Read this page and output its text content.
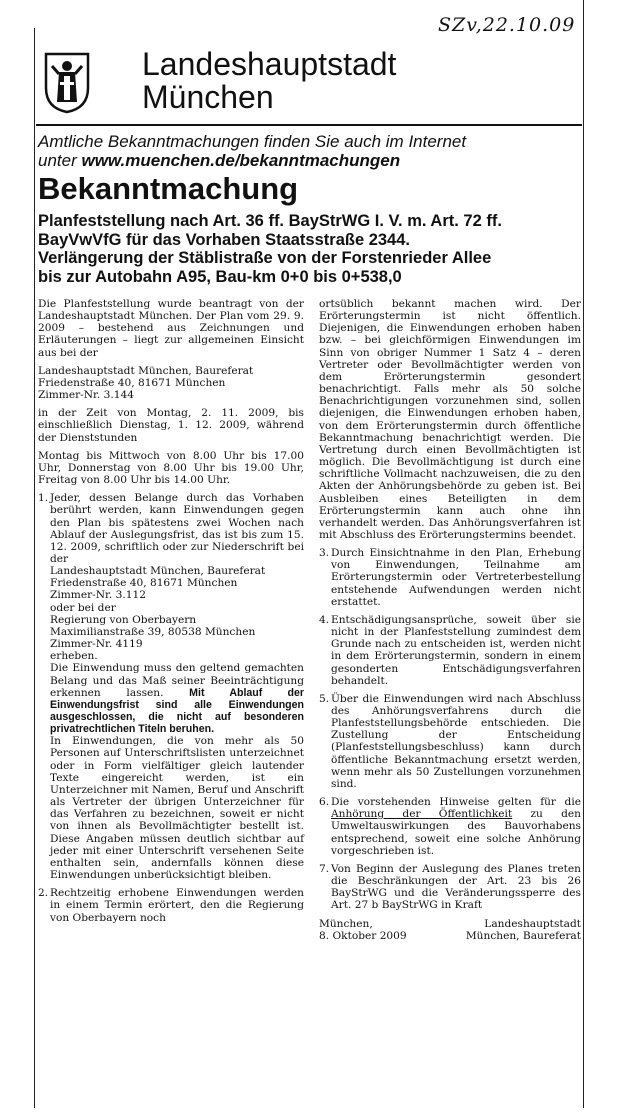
SZv,22.10.09
Landeshauptstadt
München
Amtliche Bekanntmachungen finden Sie auch im Internet
unter www.muenchen.de/bekanntmachungen
Bekanntmachung
Planfeststellung nach Art. 36 ff. BayStrWG I. V. m. Art. 72 ff.
BayVwVfG für das Vorhaben Staatsstraße 2344.
Verlängerung der Stäblistraße von der Forstenrieder Allee
bis zur Autobahn A95, Bau-km 0+0 bis 0+538,0

Die Planfeststellung wurde beantragt von der Landeshauptstadt München. Der Plan vom 29. 9. 2009 – bestehend aus Zeichnungen und Erläuterungen – liegt zur allgemeinen Einsicht aus bei der

Landeshauptstadt München, Baureferat
Friedenstraße 40, 81671 München
Zimmer-Nr. 3.144

in der Zeit von Montag, 2. 11. 2009, bis einschließlich Dienstag, 1. 12. 2009, während der Dienststunden

Montag bis Mittwoch von 8.00 Uhr bis 17.00 Uhr, Donnerstag von 8.00 Uhr bis 19.00 Uhr, Freitag von 8.00 Uhr bis 14.00 Uhr.

1. Jeder, dessen Belange durch das Vorhaben berührt werden, kann Einwendungen gegen den Plan bis spätestens zwei Wochen nach Ablauf der Auslegungsfrist, das ist bis zum 15. 12. 2009, schriftlich oder zur Niederschrift bei der

Landeshauptstadt München, Baureferat
Friedenstraße 40, 81671 München
Zimmer-Nr. 3.112
oder bei der
Regierung von Oberbayern
Maximilianstraße 39, 80538 München
Zimmer-Nr. 4119
erheben.

Die Einwendung muss den geltend gemachten Belang und das Maß seiner Beeinträchtigung erkennen lassen. Mit Ablauf der Einwendungsfrist sind alle Einwendungen ausgeschlossen, die nicht auf besonderen privatrechtlichen Titeln beruhen.

In Einwendungen, die von mehr als 50 Personen auf Unterschriftslisten unterzeichnet oder in Form vielfältiger gleich lautender Texte eingereicht werden, ist ein Unterzeichner mit Namen, Beruf und Anschrift als Vertreter der übrigen Unterzeichner für das Verfahren zu bezeichnen, soweit er nicht von ihnen als Bevollmächtigter bestellt ist. Diese Angaben müssen deutlich sichtbar auf jeder mit einer Unterschrift versehenen Seite enthalten sein, andernfalls können diese Einwendungen unberücksichtigt bleiben.

2. Rechtzeitig erhobene Einwendungen werden in einem Termin erörtert, den die Regierung von Oberbayern noch

ortsüblich bekannt machen wird. Der Erörterungstermin ist nicht öffentlich. Diejenigen, die Einwendungen erhoben haben bzw. – bei gleichförmigen Einwendungen im Sinn von obriger Nummer 1 Satz 4 – deren Vertreter oder Bevollmächtigter werden von dem Erörterungstermin gesondert benachrichtigt. Falls mehr als 50 solche Benachrichtigungen vorzunehmen sind, sollen diejenigen, die Einwendungen erhoben haben, von dem Erörterungstermin durch öffentliche Bekanntmachung benachrichtigt werden. Die Vertretung durch einen Bevollmächtigten ist möglich. Die Bevollmächtigung ist durch eine schriftliche Vollmacht nachzuweisen, die zu den Akten der Anhörungsbehörde zu geben ist. Bei Ausbleiben eines Beteiligten in dem Erörterungstermin kann auch ohne ihn verhandelt werden. Das Anhörungsverfahren ist mit Abschluss des Erörterungstermins beendet.

3. Durch Einsichtnahme in den Plan, Erhebung von Einwendungen, Teilnahme am Erörterungstermin oder Vertreterbestellung entstehende Aufwendungen werden nicht erstattet.

4. Entschädigungsansprüche, soweit über sie nicht in der Planfeststellung zumindest dem Grunde nach zu entscheiden ist, werden nicht in dem Erörterungstermin, sondern in einem gesonderten Entschädigungsverfahren behandelt.

5. Über die Einwendungen wird nach Abschluss des Anhörungsverfahrens durch die Planfeststellungsbehörde entschieden. Die Zustellung der Entscheidung (Planfeststellungsbeschluss) kann durch öffentliche Bekanntmachung ersetzt werden, wenn mehr als 50 Zustellungen vorzunehmen sind.

6. Die vorstehenden Hinweise gelten für die Anhörung der Öffentlichkeit zu den Umweltauswirkungen des Bauvorhabens entsprechend, soweit eine solche Anhörung vorgeschrieben ist.

7. Von Beginn der Auslegung des Planes treten die Beschränkungen der Art. 23 bis 26 BayStrWG und die Veränderungssperre des Art. 27 b BayStrWG in Kraft

München,
8. Oktober 2009
Landeshauptstadt
München, Baureferat
